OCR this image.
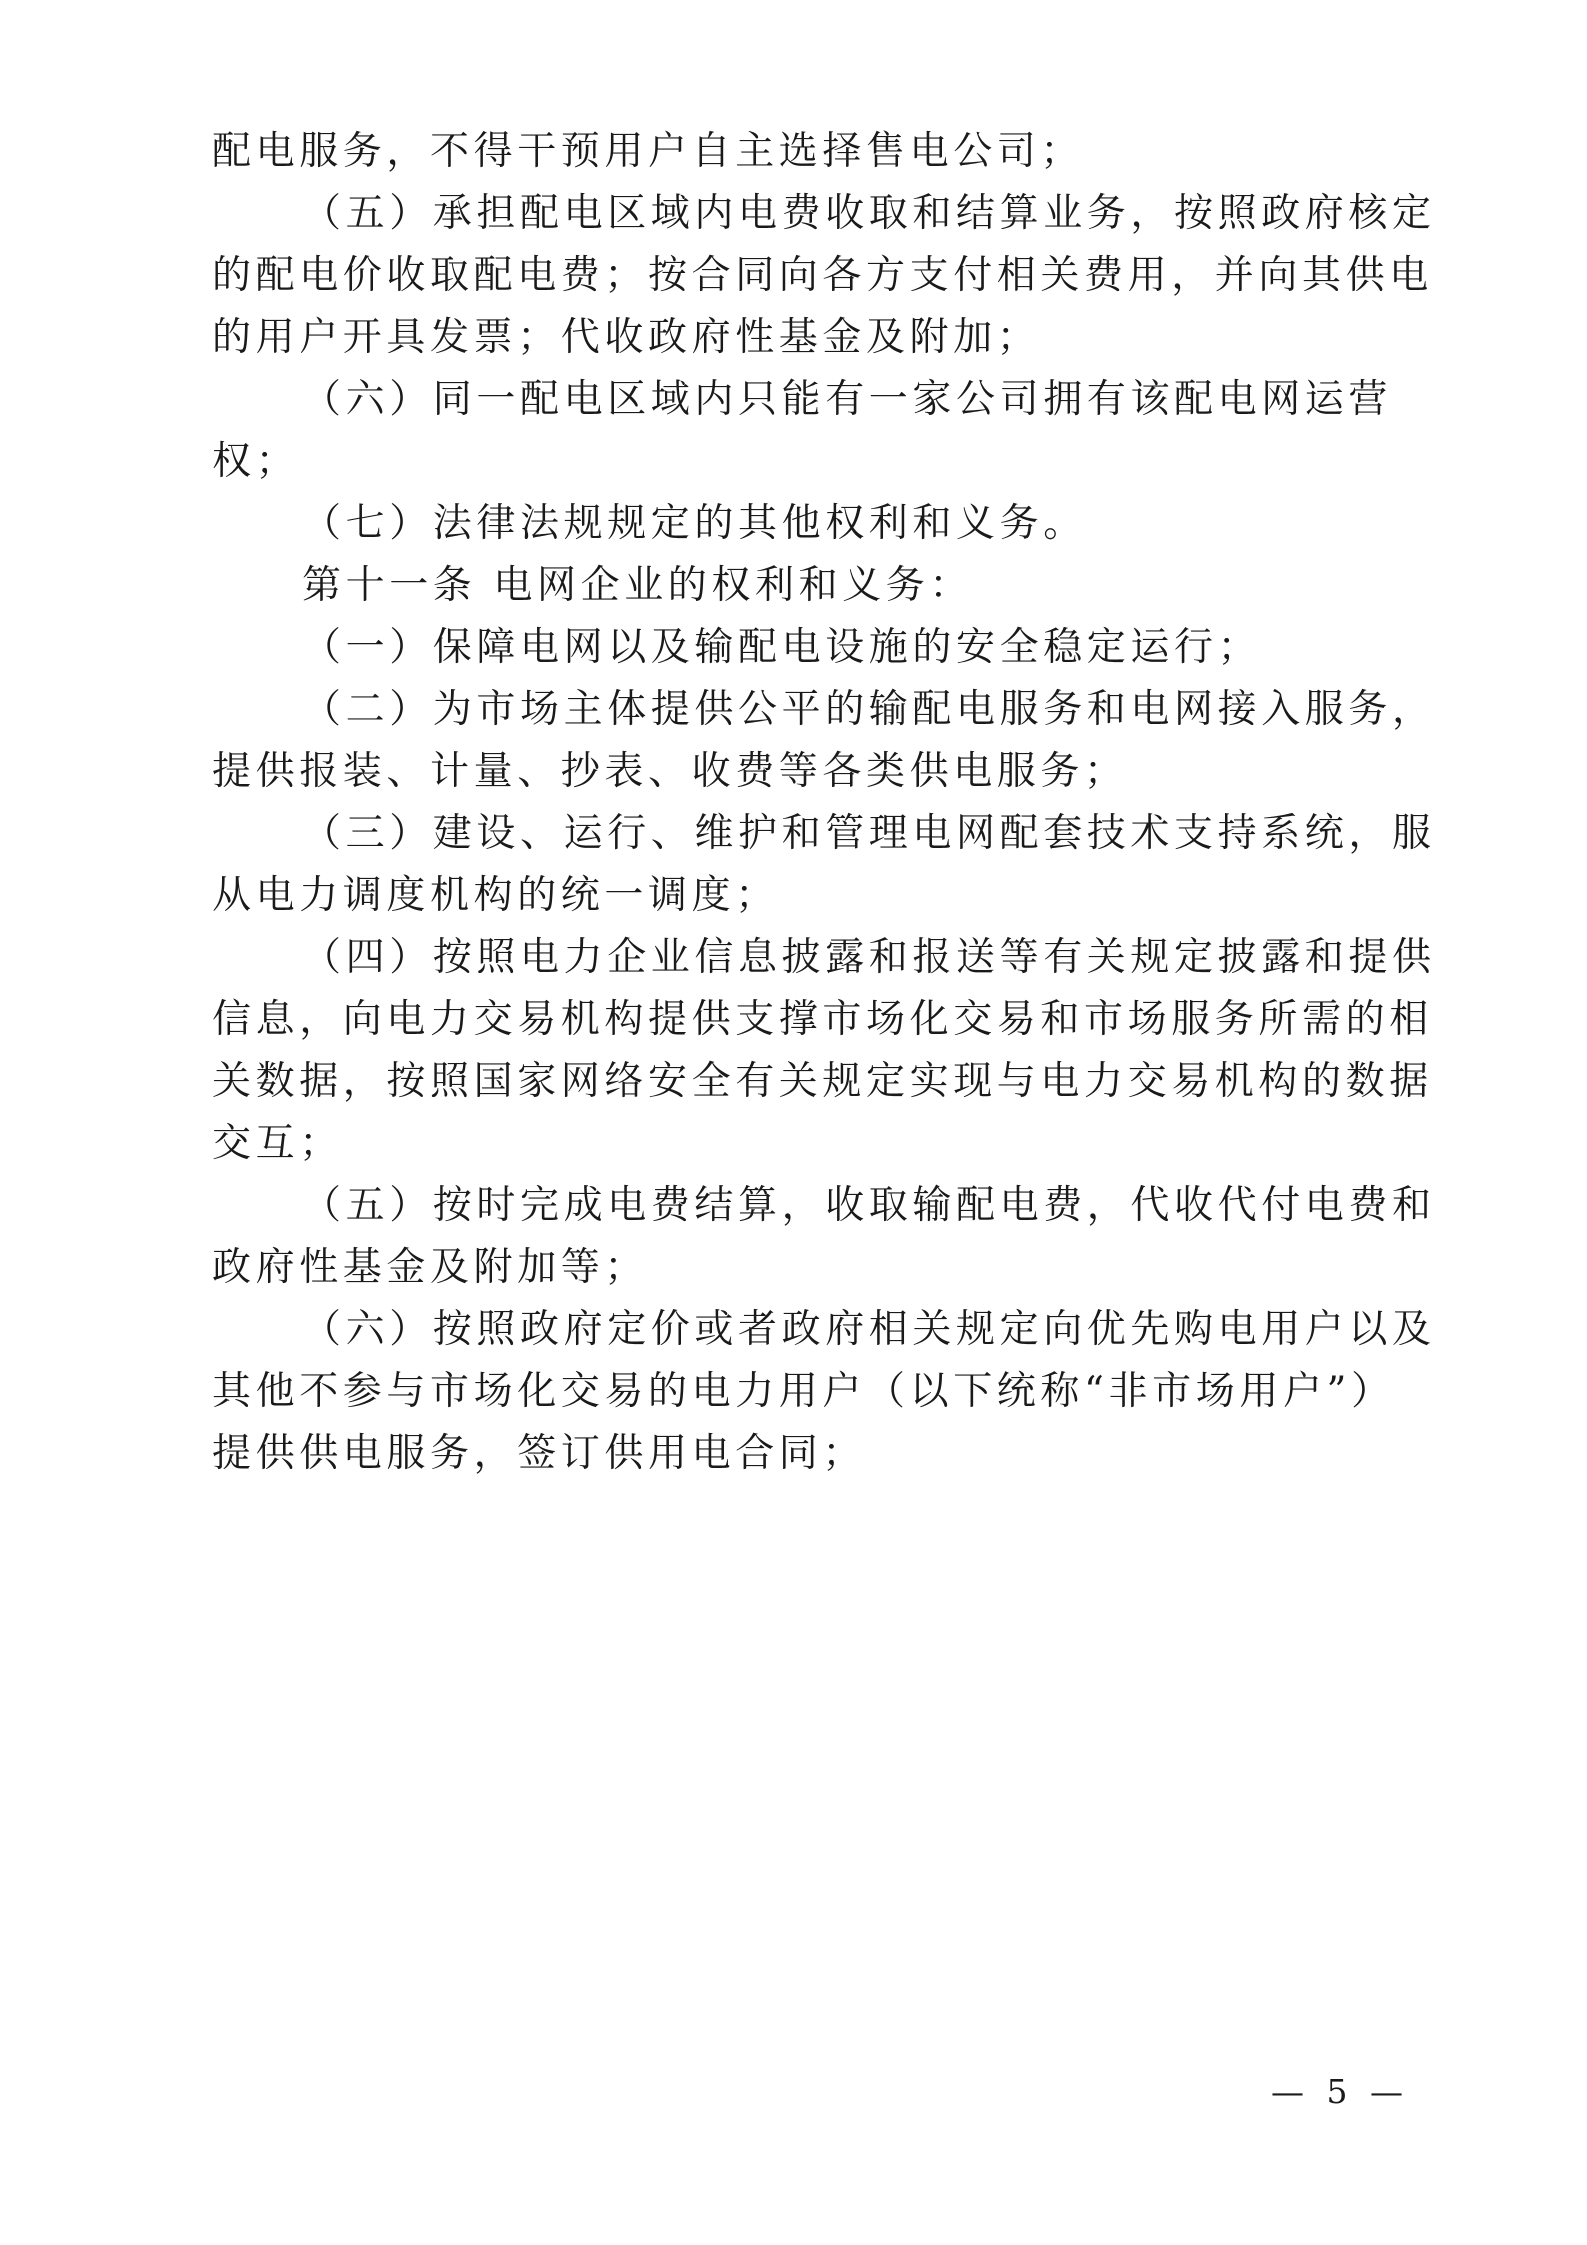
配电服务，不得干预用户自主选择售电公司；
（五）承担配电区域内电费收取和结算业务，按照政府核定
的配电价收取配电费；按合同向各方支付相关费用，并向其供电
的用户开具发票；代收政府性基金及附加；
（六）同一配电区域内只能有一家公司拥有该配电网运营
权；
（七）法律法规规定的其他权利和义务。
第十一条 电网企业的权利和义务：
（一）保障电网以及输配电设施的安全稳定运行；
（二）为市场主体提供公平的输配电服务和电网接入服务，
提供报装、计量、抄表、收费等各类供电服务；
（三）建设、运行、维护和管理电网配套技术支持系统，服
从电力调度机构的统一调度；
（四）按照电力企业信息披露和报送等有关规定披露和提供
信息，向电力交易机构提供支撑市场化交易和市场服务所需的相
关数据，按照国家网络安全有关规定实现与电力交易机构的数据
交互；
（五）按时完成电费结算，收取输配电费，代收代付电费和
政府性基金及附加等；
（六）按照政府定价或者政府相关规定向优先购电用户以及
其他不参与市场化交易的电力用户（以下统称“非市场用户”）
提供供电服务，签订供用电合同；
— 5 —
